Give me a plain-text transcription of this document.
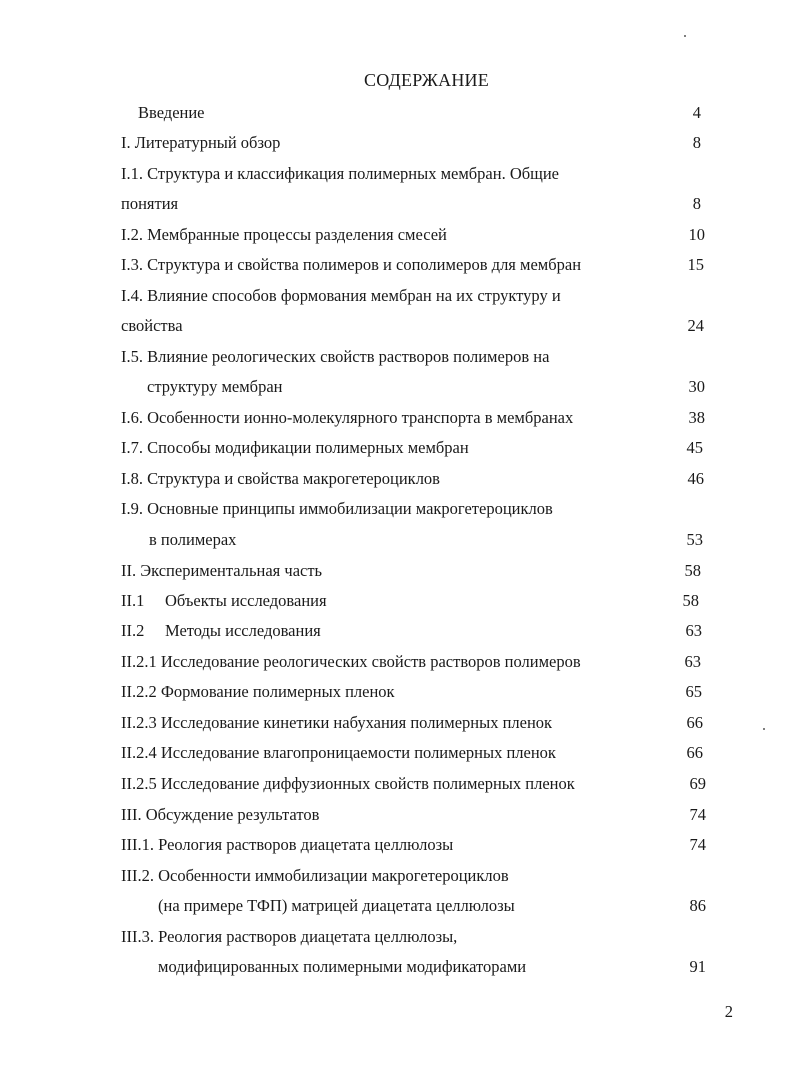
СОДЕРЖАНИЕ
Введение	4
I. Литературный обзор	8
I.1. Структура и классификация полимерных мембран. Общие
понятия	8
I.2. Мембранные процессы разделения смесей	10
I.3. Структура и свойства полимеров и сополимеров для мембран	15
I.4. Влияние способов формования мембран на их структуру и
свойства	24
I.5. Влияние реологических свойств растворов полимеров на
структуру мембран	30
I.6. Особенности ионно-молекулярного транспорта в мембранах	38
I.7. Способы модификации полимерных мембран	45
I.8. Структура и свойства макрогетероциклов	46
I.9. Основные принципы иммобилизации макрогетероциклов
в полимерах	53
II. Экспериментальная часть	58
II.1     Объекты исследования	58
II.2     Методы исследования	63
II.2.1 Исследование реологических свойств растворов полимеров	63
II.2.2 Формование полимерных пленок	65
II.2.3 Исследование кинетики набухания полимерных пленок	66
II.2.4 Исследование влагопроницаемости полимерных пленок	66
II.2.5 Исследование диффузионных свойств полимерных пленок	69
III. Обсуждение результатов	74
III.1. Реология растворов диацетата целлюлозы	74
III.2. Особенности иммобилизации макрогетероциклов
(на примере ТФП) матрицей диацетата целлюлозы	86
III.3. Реология растворов диацетата целлюлозы,
модифицированных полимерными модификаторами	91
2
